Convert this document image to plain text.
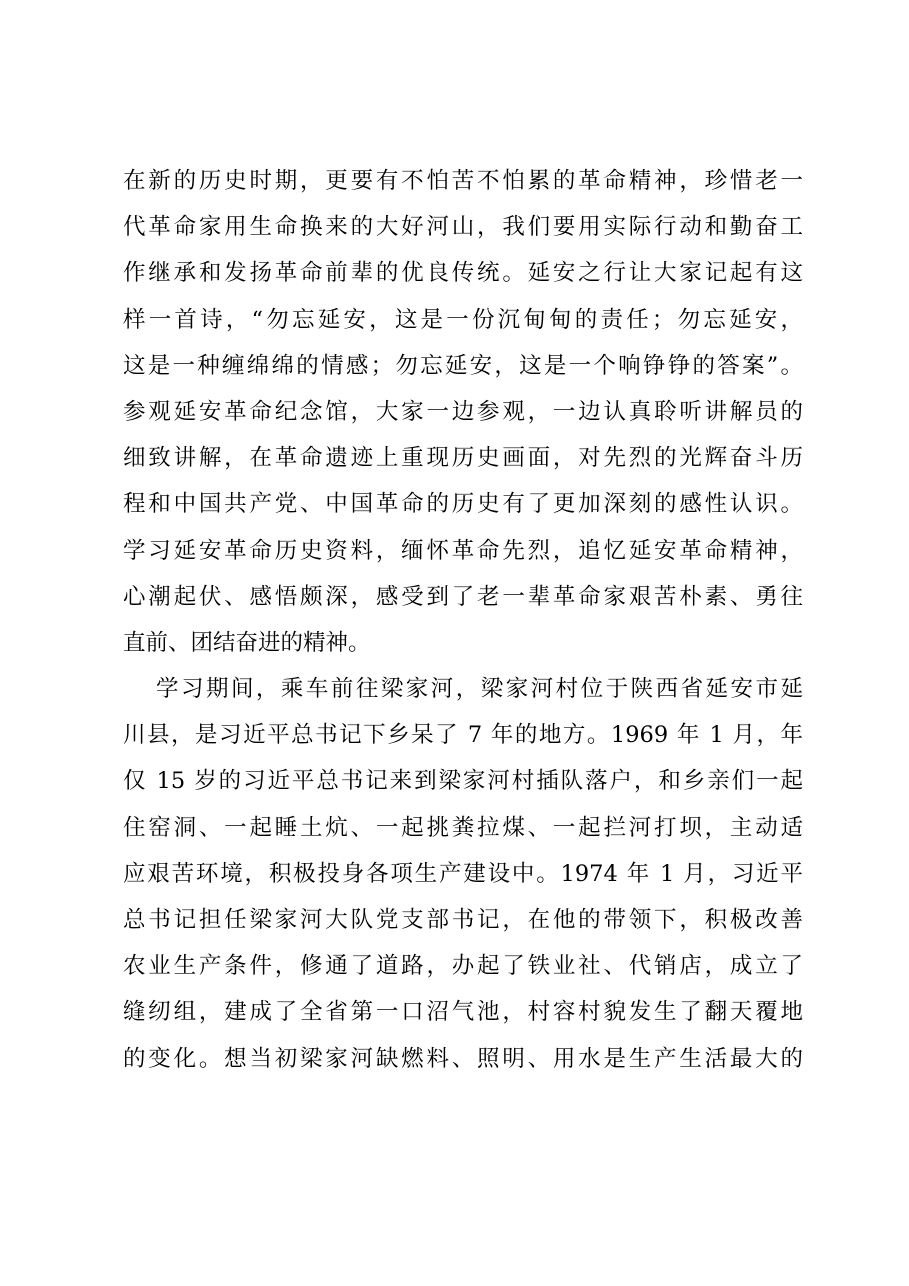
在新的历史时期，更要有不怕苦不怕累的革命精神，珍惜老一
代革命家用生命换来的大好河山，我们要用实际行动和勤奋工
作继承和发扬革命前辈的优良传统。延安之行让大家记起有这
样一首诗，“勿忘延安，这是一份沉甸甸的责任；勿忘延安，
这是一种缠绵绵的情感；勿忘延安，这是一个响铮铮的答案”。
参观延安革命纪念馆，大家一边参观，一边认真聆听讲解员的
细致讲解，在革命遗迹上重现历史画面，对先烈的光辉奋斗历
程和中国共产党、中国革命的历史有了更加深刻的感性认识。
学习延安革命历史资料，缅怀革命先烈，追忆延安革命精神，
心潮起伏、感悟颇深，感受到了老一辈革命家艰苦朴素、勇往
直前、团结奋进的精神。
学习期间，乘车前往梁家河，梁家河村位于陕西省延安市延
川县，是习近平总书记下乡呆了 7 年的地方。1969 年 1 月，年
仅 15 岁的习近平总书记来到梁家河村插队落户，和乡亲们一起
住窑洞、一起睡土炕、一起挑粪拉煤、一起拦河打坝，主动适
应艰苦环境，积极投身各项生产建设中。1974 年 1 月，习近平
总书记担任梁家河大队党支部书记，在他的带领下，积极改善
农业生产条件，修通了道路，办起了铁业社、代销店，成立了
缝纫组，建成了全省第一口沼气池，村容村貌发生了翻天覆地
的变化。想当初梁家河缺燃料、照明、用水是生产生活最大的
